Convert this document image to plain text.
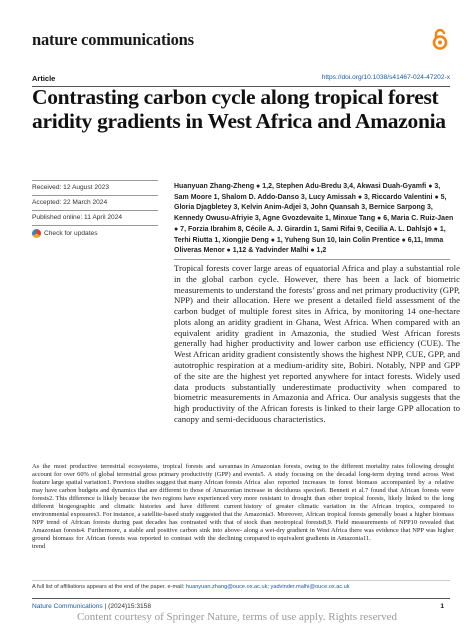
nature communications
Article	https://doi.org/10.1038/s41467-024-47202-x
Contrasting carbon cycle along tropical forest aridity gradients in West Africa and Amazonia
Received: 12 August 2023
Accepted: 22 March 2024
Published online: 11 April 2024
Check for updates
Huanyuan Zhang-Zheng ● 1,2, Stephen Adu-Bredu 3,4, Akwasi Duah-Gyamfi ● 3, Sam Moore 1, Shalom D. Addo-Danso 3, Lucy Amissah ● 3, Riccardo Valentini ● 5, Gloria Djagbletey 3, Kelvin Anim-Adjei 3, John Quansah 3, Bernice Sarpong 3, Kennedy Owusu-Afriyie 3, Agne Gvozdevaite 1, Minxue Tang ● 6, Maria C. Ruiz-Jaen ● 7, Forzia Ibrahim 8, Cécile A. J. Girardin 1, Sami Rifai 9, Cecilia A. L. Dahlsjö ● 1, Terhi Riutta 1, Xiongjie Deng ● 1, Yuheng Sun 10, Iain Colin Prentice ● 6,11, Imma Oliveras Menor ● 1,12 & Yadvinder Malhi ● 1,2
Tropical forests cover large areas of equatorial Africa and play a substantial role in the global carbon cycle. However, there has been a lack of biometric measurements to understand the forests’ gross and net primary productivity (GPP, NPP) and their allocation. Here we present a detailed field assessment of the carbon budget of multiple forest sites in Africa, by monitoring 14 one-hectare plots along an aridity gradient in Ghana, West Africa. When compared with an equivalent aridity gradient in Amazonia, the studied West African forests generally had higher productivity and lower carbon use efficiency (CUE). The West African aridity gradient consistently shows the highest NPP, CUE, GPP, and autotrophic respiration at a medium-aridity site, Bobiri. Notably, NPP and GPP of the site are the highest yet reported anywhere for intact forests. Widely used data products substantially underestimate productivity when compared to biometric measurements in Amazonia and Africa. Our analysis suggests that the high productivity of the African forests is linked to their large GPP allocation to canopy and semi-deciduous characteristics.
As the most productive terrestrial ecosystems, tropical forests and savannas account for over 60% of global terrestrial gross primary productivity (GPP) and feature large spatial variation1. Previous studies suggest that many African forests may have carbon budgets and dynamics that are different to those of Amazonian forests2. This difference is likely because the two regions have experienced very different biogeographic and climatic histories and have different current environmental exposures3. For instance, a satellite-based study suggested that the NPP trend of African forests during past decades has contrasted with that of Amazonian forests4. Furthermore, a stable and positive carbon sink into above-ground biomass for African forests was reported to contrast with the declining trend
in Amazonian forests, owing to the different mortality rates following drought events5. A study focusing on the decadal long-term drying trend across West Africa also reported increases in forest biomass accompanied by a relative increase in deciduous species6. Bennett et al.7 found that African forests were more resistant to drought than other tropical forests, likely linked to the long history of greater climatic variation in the African tropics, compared to Amazonia3. Moreover, African tropical forests generally boast a higher biomass stock than neotropical forests8,9. Field measurements of NPP10 revealed that along a wet-dry gradient in West Africa there was evidence that NPP was higher compared to equivalent gradients in Amazonia11.
A full list of affiliations appears at the end of the paper. e-mail: huanyuan.zhang@ouce.ox.ac.uk; yadvinder.malhi@ouce.ox.ac.uk
Nature Communications | (2024)15:3158	1
Content courtesy of Springer Nature, terms of use apply. Rights reserved
